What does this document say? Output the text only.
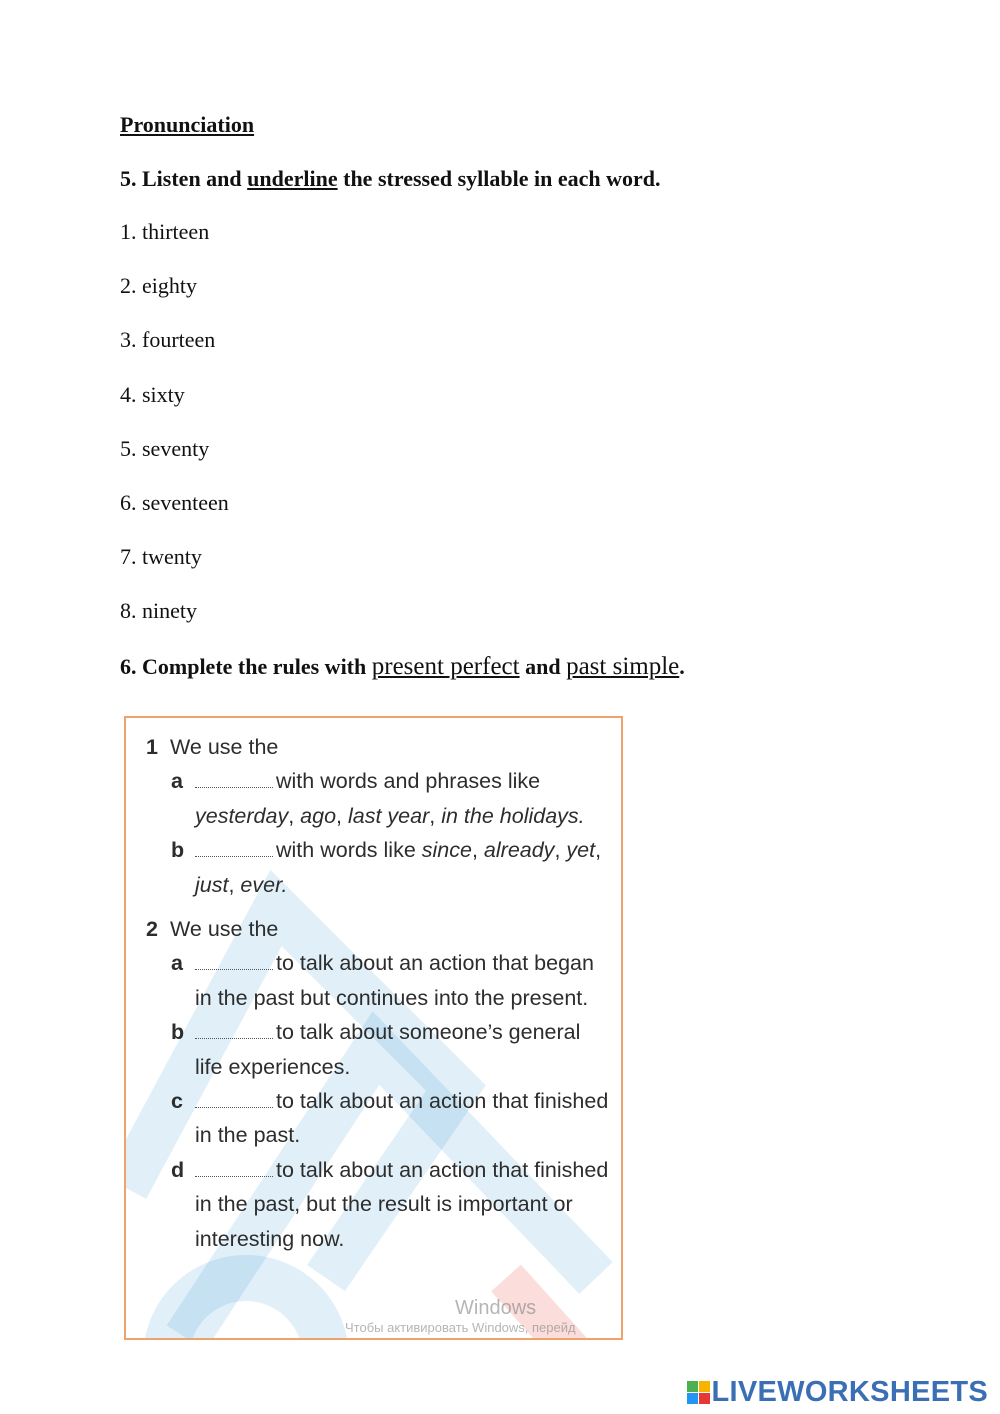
Pronunciation

5. Listen and underline the stressed syllable in each word.

1. thirteen
2. eighty
3. fourteen
4. sixty
5. seventy
6. seventeen
7. twenty
8. ninety

6. Complete the rules with present perfect and past simple.

1 We use the
a	with words and phrases like yesterday, ago, last year, in the holidays.
b	with words like since, already, yet, just, ever.
2 We use the
a	to talk about an action that began in the past but continues into the present.
b	to talk about someone’s general life experiences.
c	to talk about an action that finished in the past.
d	to talk about an action that finished in the past, but the result is important or interesting now.
Windows
Чтобы активировать Windows, перейд
LIVEWORKSHEETS
